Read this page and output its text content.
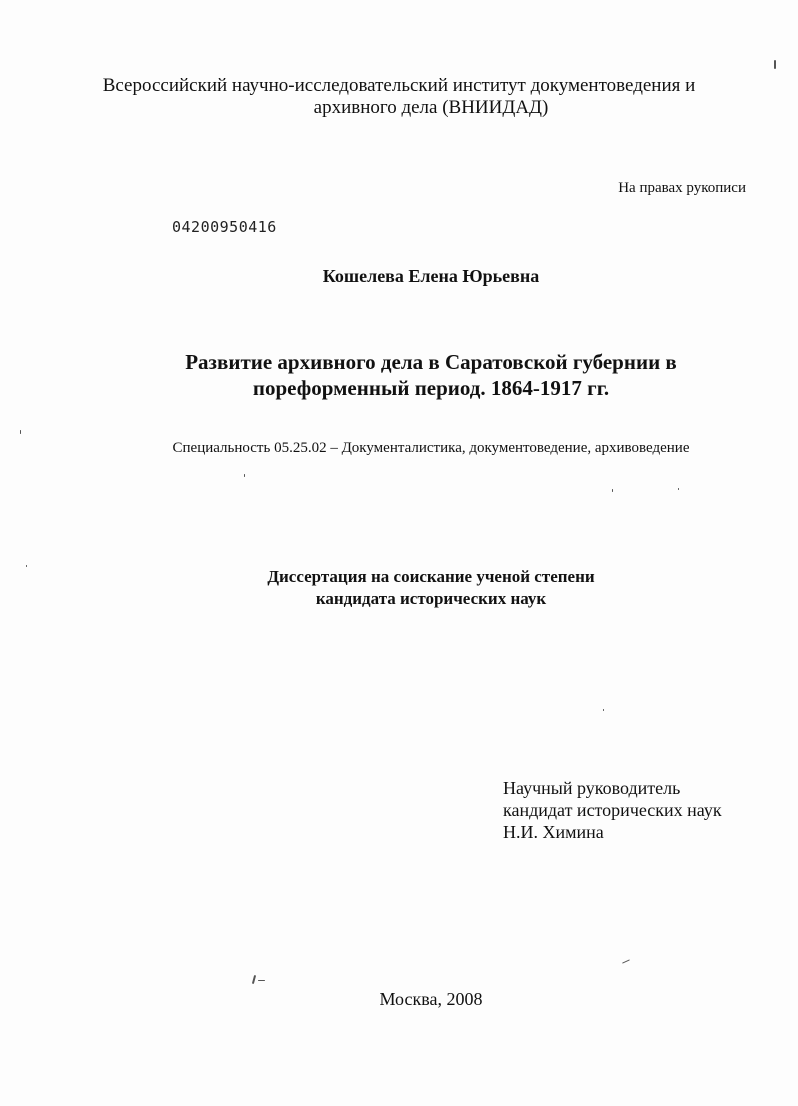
Всероссийский научно-исследовательский институт документоведения и
архивного дела (ВНИИДАД)
На правах рукописи
04200950416
Кошелева Елена Юрьевна
Развитие архивного дела в Саратовской губернии в
пореформенный период. 1864-1917 гг.
Специальность 05.25.02 – Документалистика, документоведение, архивоведение
Диссертация на соискание ученой степени
кандидата исторических наук
Научный руководитель
кандидат исторических наук
Н.И. Химина
Москва, 2008
